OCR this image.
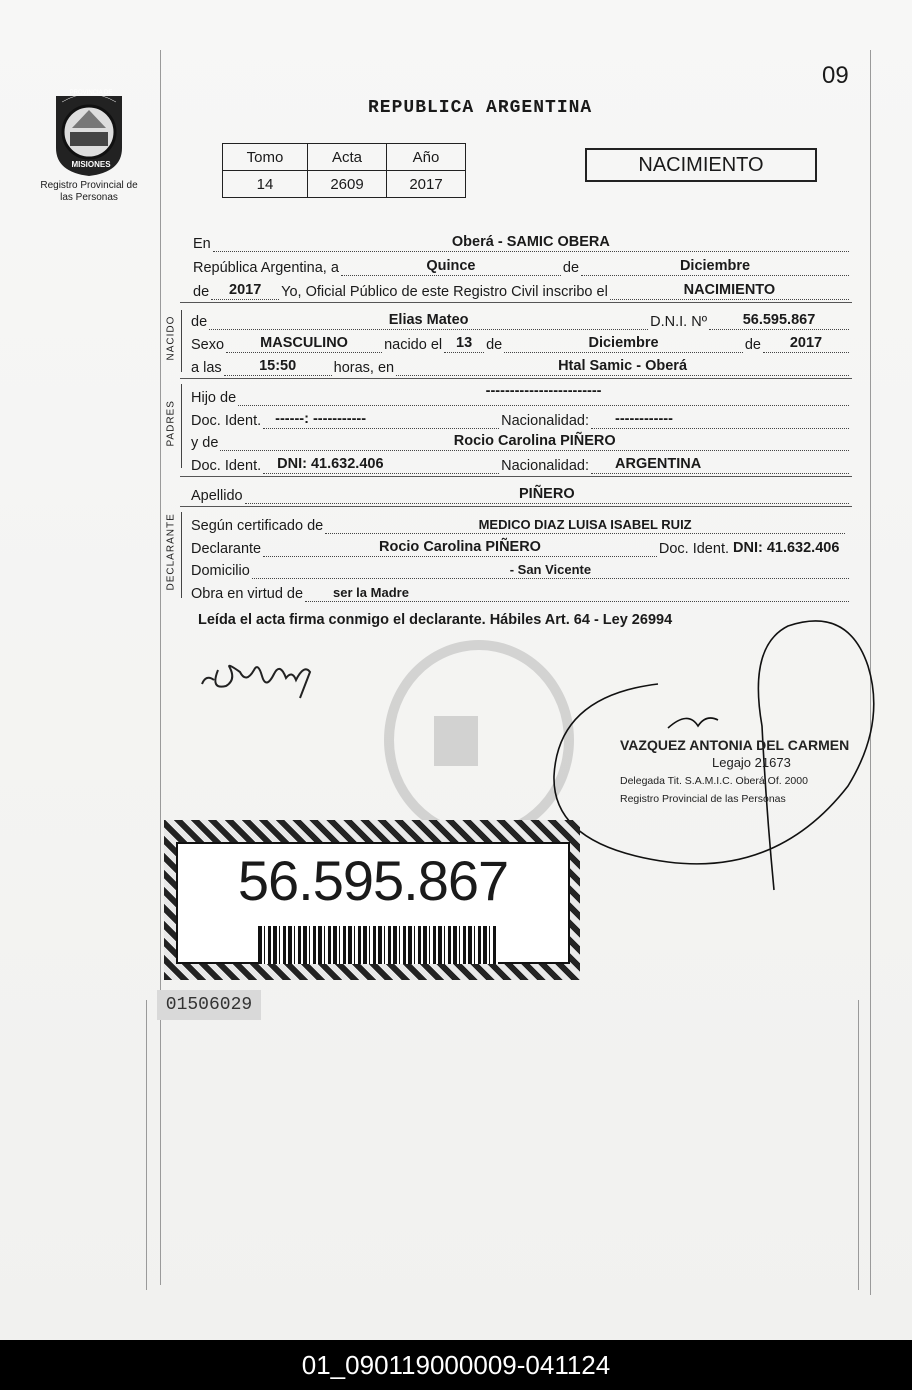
09
PROVINCIA DE
MISIONES
Registro Provincial de las Personas
REPUBLICA ARGENTINA
Tomo	Acta	Año
14	2609	2017
NACIMIENTO
En	Oberá - SAMIC OBERA
República Argentina, a	Quince	de	Diciembre
de	2017	Yo, Oficial Público de este Registro Civil inscribo el	NACIMIENTO
NACIDO de	Elias Mateo	D.N.I. Nº	56.595.867
Sexo	MASCULINO	nacido el 13 de	Diciembre	de	2017
a las	15:50	horas, en	Htal Samic - Oberá
PADRES
Hijo de	------------------------
Doc. Ident. ------: -----------	Nacionalidad: ------------
y de	Rocio Carolina PIÑERO
Doc. Ident. DNI: 41.632.406	Nacionalidad: ARGENTINA
Apellido	PIÑERO
DECLARANTE Según certificado de	MEDICO DIAZ LUISA ISABEL RUIZ
Declarante	Rocio Carolina PIÑERO	Doc. Ident. DNI: 41.632.406
Domicilio	- San Vicente
Obra en virtud de ser la Madre
Leída el acta firma conmigo el declarante. Hábiles Art. 64 - Ley 26994
VAZQUEZ ANTONIA DEL CARMEN
Legajo 21673
Delegada Tit. S.A.M.I.C. Oberá Of. 2000
Registro Provincial de las Personas
56.595.867
01506029
01_090119000009-041124
